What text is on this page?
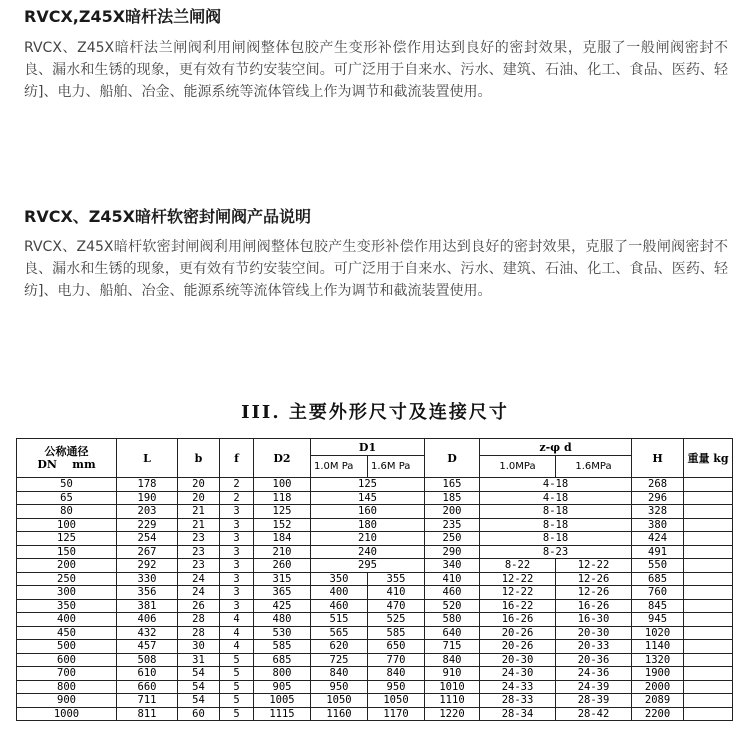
RVCX,Z45X暗杆法兰闸阀
RVCX、Z45X暗杆法兰闸阀利用闸阀整体包胶产生变形补偿作用达到良好的密封效果，克服了一般闸阀密封不良、漏水和生锈的现象，更有效有节约安装空间。可广泛用于自来水、污水、建筑、石油、化工、食品、医药、轻纺]、电力、船舶、冶金、能源系统等流体管线上作为调节和截流装置使用。
RVCX、Z45X暗杆软密封闸阀产品说明
RVCX、Z45X暗杆软密封闸阀利用闸阀整体包胶产生变形补偿作用达到良好的密封效果，克服了一般闸阀密封不良、漏水和生锈的现象，更有效有节约安装空间。可广泛用于自来水、污水、建筑、石油、化工、食品、医药、轻纺]、电力、船舶、冶金、能源系统等流体管线上作为调节和截流装置使用。
III. 主要外形尺寸及连接尺寸
公称通径
DN    mm	L	b	f	D2	D1		D	z-φ d		H	重量 kg
					1.0M Pa	1.6M Pa		1.0MPa	1.6MPa		
50	178	20	2	100	125		165	4-18		268	
65	190	20	2	118	145		185	4-18		296	
80	203	21	3	125	160		200	8-18		328	
100	229	21	3	152	180		235	8-18		380	
125	254	23	3	184	210		250	8-18		424	
150	267	23	3	210	240		290	8-23		491	
200	292	23	3	260	295		340	8-22	12-22	550	
250	330	24	3	315	350	355	410	12-22	12-26	685	
300	356	24	3	365	400	410	460	12-22	12-26	760	
350	381	26	3	425	460	470	520	16-22	16-26	845	
400	406	28	4	480	515	525	580	16-26	16-30	945	
450	432	28	4	530	565	585	640	20-26	20-30	1020	
500	457	30	4	585	620	650	715	20-26	20-33	1140	
600	508	31	5	685	725	770	840	20-30	20-36	1320	
700	610	54	5	800	840	840	910	24-30	24-36	1900	
800	660	54	5	905	950	950	1010	24-33	24-39	2000	
900	711	54	5	1005	1050	1050	1110	28-33	28-39	2089	
1000	811	60	5	1115	1160	1170	1220	28-34	28-42	2200	
